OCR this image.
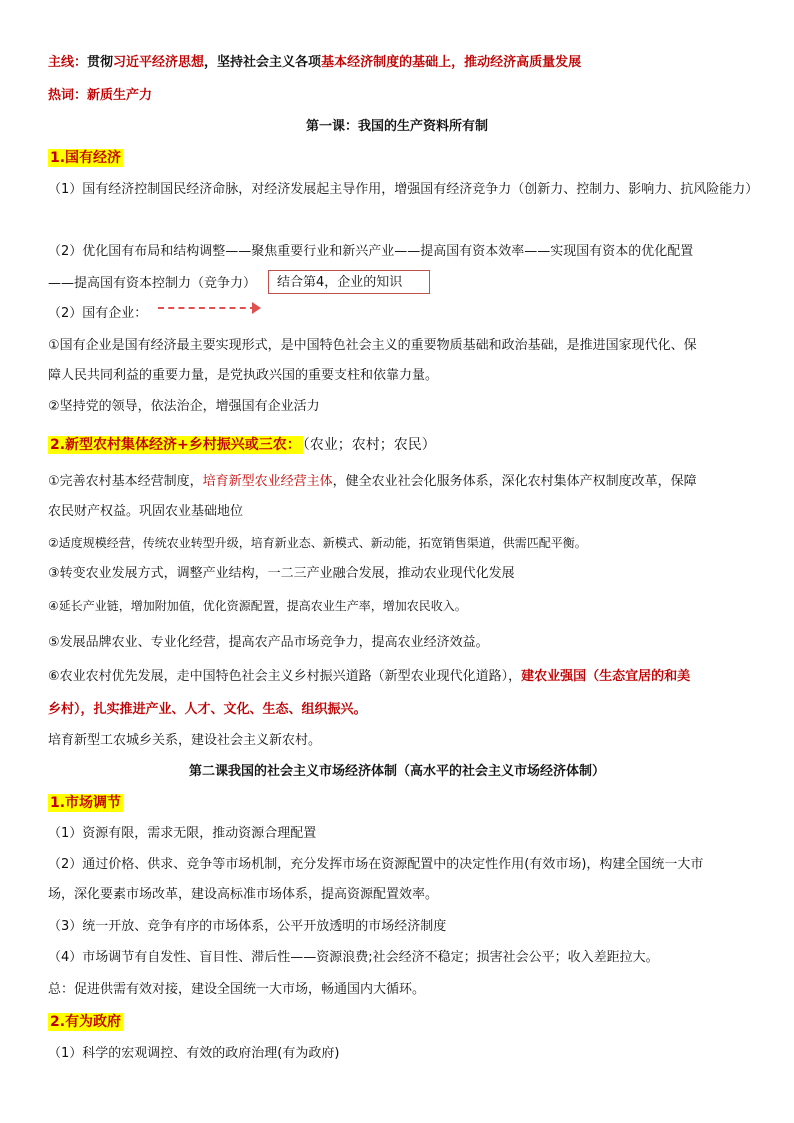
主线：贯彻习近平经济思想，坚持社会主义各项基本经济制度的基础上，推动经济高质量发展
热词：新质生产力
第一课：我国的生产资料所有制
1.国有经济
（1）国有经济控制国民经济命脉，对经济发展起主导作用，增强国有经济竞争力（创新力、控制力、影响力、抗风险能力）
（2）优化国有布局和结构调整——聚焦重要行业和新兴产业——提高国有资本效率——实现国有资本的优化配置
——提高国有资本控制力（竞争力）	结合第4，企业的知识
（2）国有企业：
①国有企业是国有经济最主要实现形式，是中国特色社会主义的重要物质基础和政治基础，是推进国家现代化、保
障人民共同利益的重要力量，是党执政兴国的重要支柱和依靠力量。
②坚持党的领导，依法治企，增强国有企业活力
2.新型农村集体经济+乡村振兴或三农： （农业；农村；农民）
①完善农村基本经营制度，培育新型农业经营主体，健全农业社会化服务体系，深化农村集体产权制度改革，保障
农民财产权益。巩固农业基础地位
②适度规模经营，传统农业转型升级，培育新业态、新模式、新动能，拓宽销售渠道，供需匹配平衡。
③转变农业发展方式，调整产业结构，一二三产业融合发展，推动农业现代化发展
④延长产业链，增加附加值，优化资源配置，提高农业生产率，增加农民收入。
⑤发展品牌农业、专业化经营，提高农产品市场竞争力，提高农业经济效益。
⑥农业农村优先发展，走中国特色社会主义乡村振兴道路（新型农业现代化道路），建农业强国（生态宜居的和美
乡村），扎实推进产业、人才、文化、生态、组织振兴。
培育新型工农城乡关系，建设社会主义新农村。
第二课我国的社会主义市场经济体制（高水平的社会主义市场经济体制）
1.市场调节
（1）资源有限，需求无限，推动资源合理配置
（2）通过价格、供求、竞争等市场机制，充分发挥市场在资源配置中的决定性作用(有效市场)，构建全国统一大市
场，深化要素市场改革，建设高标准市场体系，提高资源配置效率。
（3）统一开放、竞争有序的市场体系，公平开放透明的市场经济制度
（4）市场调节有自发性、盲目性、滞后性——资源浪费;社会经济不稳定；损害社会公平；收入差距拉大。
总：促进供需有效对接，建设全国统一大市场，畅通国内大循环。
2.有为政府
（1）科学的宏观调控、有效的政府治理(有为政府)
